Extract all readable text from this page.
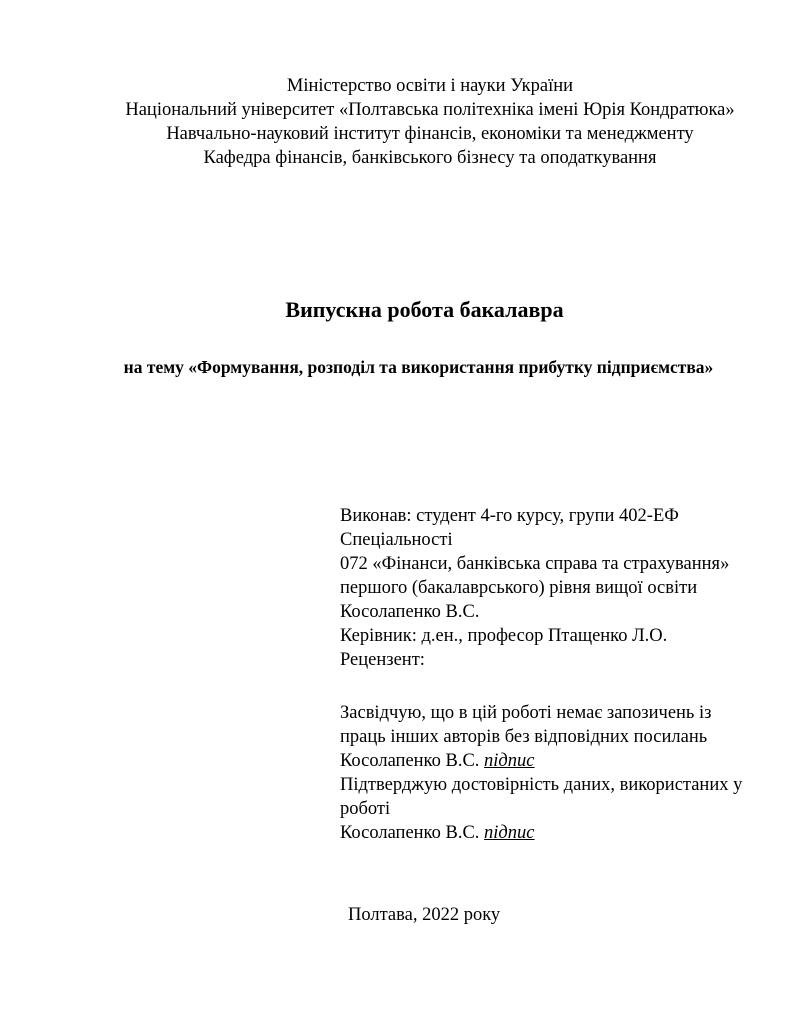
Міністерство освіти і науки України
Національний університет «Полтавська політехніка імені Юрія Кондратюка»
Навчально-науковий інститут фінансів, економіки та менеджменту
Кафедра фінансів, банківського бізнесу та оподаткування
Випускна робота бакалавра
на тему «Формування, розподіл та використання прибутку підприємства»
Виконав: студент 4-го курсу, групи 402-ЕФ
Спеціальності
072 «Фінанси, банківська справа та страхування»
першого (бакалаврського) рівня вищої освіти
Косолапенко В.С.
Керівник: д.ен., професор Птащенко Л.О.
Рецензент:
Засвідчую, що в цій роботі немає запозичень із
праць інших авторів без відповідних посилань
Косолапенко В.С. підпис
Підтверджую достовірність даних, використаних у
роботі
Косолапенко В.С. підпис
Полтава, 2022 року
